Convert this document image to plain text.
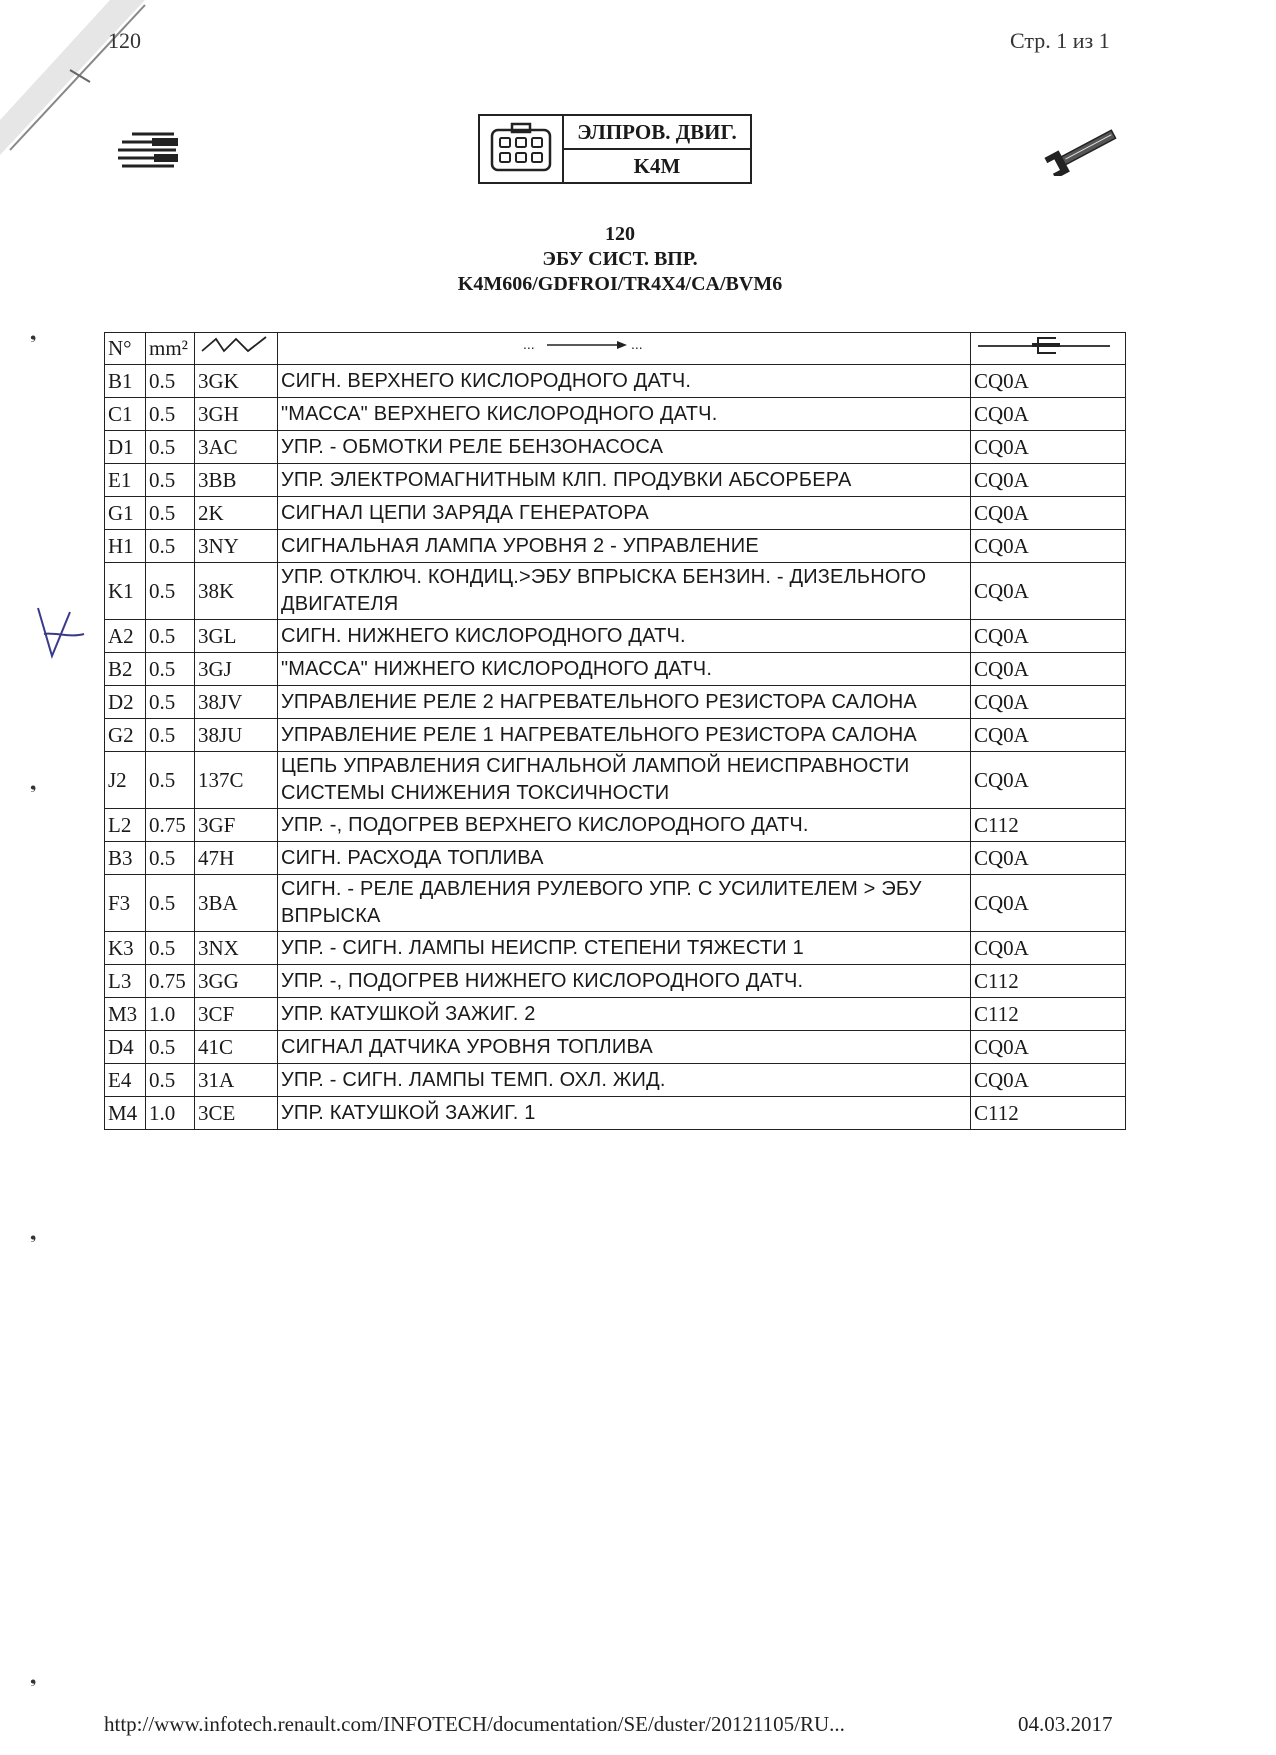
120	Стр. 1 из 1
ЭЛПРОВ. ДВИГ.
K4M
120
ЭБУ СИСТ. ВПР.
K4M606/GDFROI/TR4X4/CA/BVM6
N°	mm²		... ...

B1	0.5	3GK	СИГН. ВЕРХНЕГО КИСЛОРОДНОГО ДАТЧ.	CQ0A
C1	0.5	3GH	"МАССА" ВЕРХНЕГО КИСЛОРОДНОГО ДАТЧ.	CQ0A
D1	0.5	3AC	УПР. - ОБМОТКИ РЕЛЕ БЕНЗОНАСОСА	CQ0A
E1	0.5	3BB	УПР. ЭЛЕКТРОМАГНИТНЫМ КЛП. ПРОДУВКИ АБСОРБЕРА	CQ0A
G1	0.5	2K	СИГНАЛ ЦЕПИ ЗАРЯДА ГЕНЕРАТОРА	CQ0A
H1	0.5	3NY	СИГНАЛЬНАЯ ЛАМПА УРОВНЯ 2 - УПРАВЛЕНИЕ	CQ0A
K1	0.5	38K	УПР. ОТКЛЮЧ. КОНДИЦ.>ЭБУ ВПРЫСКА БЕНЗИН. - ДИЗЕЛЬНОГО ДВИГАТЕЛЯ	CQ0A
A2	0.5	3GL	СИГН. НИЖНЕГО КИСЛОРОДНОГО ДАТЧ.	CQ0A
B2	0.5	3GJ	"МАССА" НИЖНЕГО КИСЛОРОДНОГО ДАТЧ.	CQ0A
D2	0.5	38JV	УПРАВЛЕНИЕ РЕЛЕ 2 НАГРЕВАТЕЛЬНОГО РЕЗИСТОРА САЛОНА	CQ0A
G2	0.5	38JU	УПРАВЛЕНИЕ РЕЛЕ 1 НАГРЕВАТЕЛЬНОГО РЕЗИСТОРА САЛОНА	CQ0A
J2	0.5	137C	ЦЕПЬ УПРАВЛЕНИЯ СИГНАЛЬНОЙ ЛАМПОЙ НЕИСПРАВНОСТИ СИСТЕМЫ СНИЖЕНИЯ ТОКСИЧНОСТИ	CQ0A
L2	0.75	3GF	УПР. -, ПОДОГРЕВ ВЕРХНЕГО КИСЛОРОДНОГО ДАТЧ.	C112
B3	0.5	47H	СИГН. РАСХОДА ТОПЛИВА	CQ0A
F3	0.5	3BA	СИГН. - РЕЛЕ ДАВЛЕНИЯ РУЛЕВОГО УПР. С УСИЛИТЕЛЕМ > ЭБУ ВПРЫСКА	CQ0A
K3	0.5	3NX	УПР. - СИГН. ЛАМПЫ НЕИСПР. СТЕПЕНИ ТЯЖЕСТИ 1	CQ0A
L3	0.75	3GG	УПР. -, ПОДОГРЕВ НИЖНЕГО КИСЛОРОДНОГО ДАТЧ.	C112
M3	1.0	3CF	УПР. КАТУШКОЙ ЗАЖИГ. 2	C112
D4	0.5	41C	СИГНАЛ ДАТЧИКА УРОВНЯ ТОПЛИВА	CQ0A
E4	0.5	31A	УПР. - СИГН. ЛАМПЫ ТЕМП. ОХЛ. ЖИД.	CQ0A
M4	1.0	3CE	УПР. КАТУШКОЙ ЗАЖИГ. 1	C112
❟
❟
❟
❟
http://www.infotech.renault.com/INFOTECH/documentation/SE/duster/20121105/RU...	04.03.2017
